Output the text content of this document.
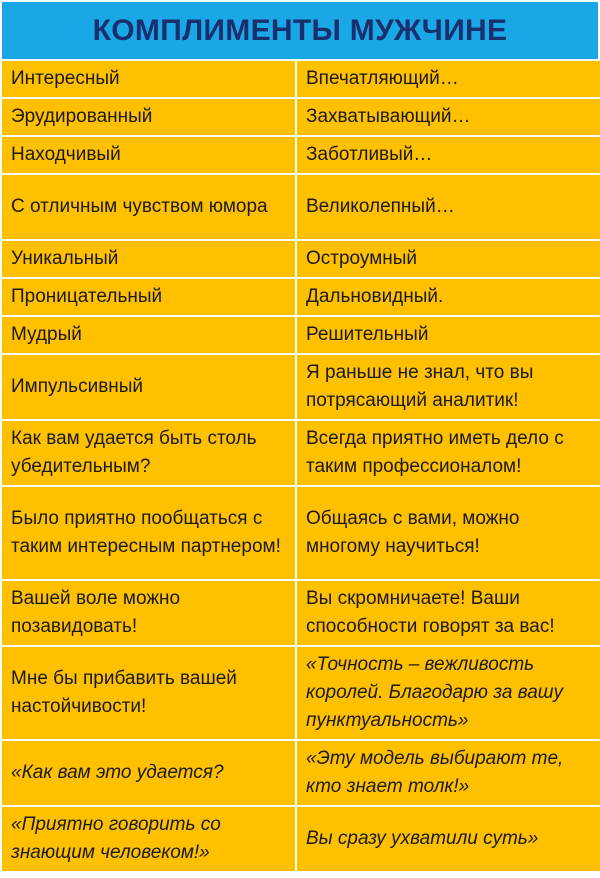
КОМПЛИМЕНТЫ МУЖЧИНЕ
Интересный	Впечатляющий…
Эрудированный	Захватывающий…
Находчивый	Заботливый…
С отличным чувством юмора	Великолепный…
Уникальный	Остроумный
Проницательный	Дальновидный.
Мудрый	Решительный
Импульсивный	Я раньше не знал, что вы потрясающий аналитик!
Как вам удается быть столь убедительным?	Всегда приятно иметь дело с таким профессионалом!
Было приятно пообщаться с таким интересным партнером!	Общаясь с вами, можно многому научиться!
Вашей воле можно позавидовать!	Вы скромничаете! Ваши способности говорят за вас!
Мне бы прибавить вашей настойчивости!	«Точность – вежливость королей. Благодарю за вашу пунктуальность»
«Как вам это удается?	«Эту модель выбирают те, кто знает толк!»
«Приятно говорить со знающим человеком!»	Вы сразу ухватили суть»
